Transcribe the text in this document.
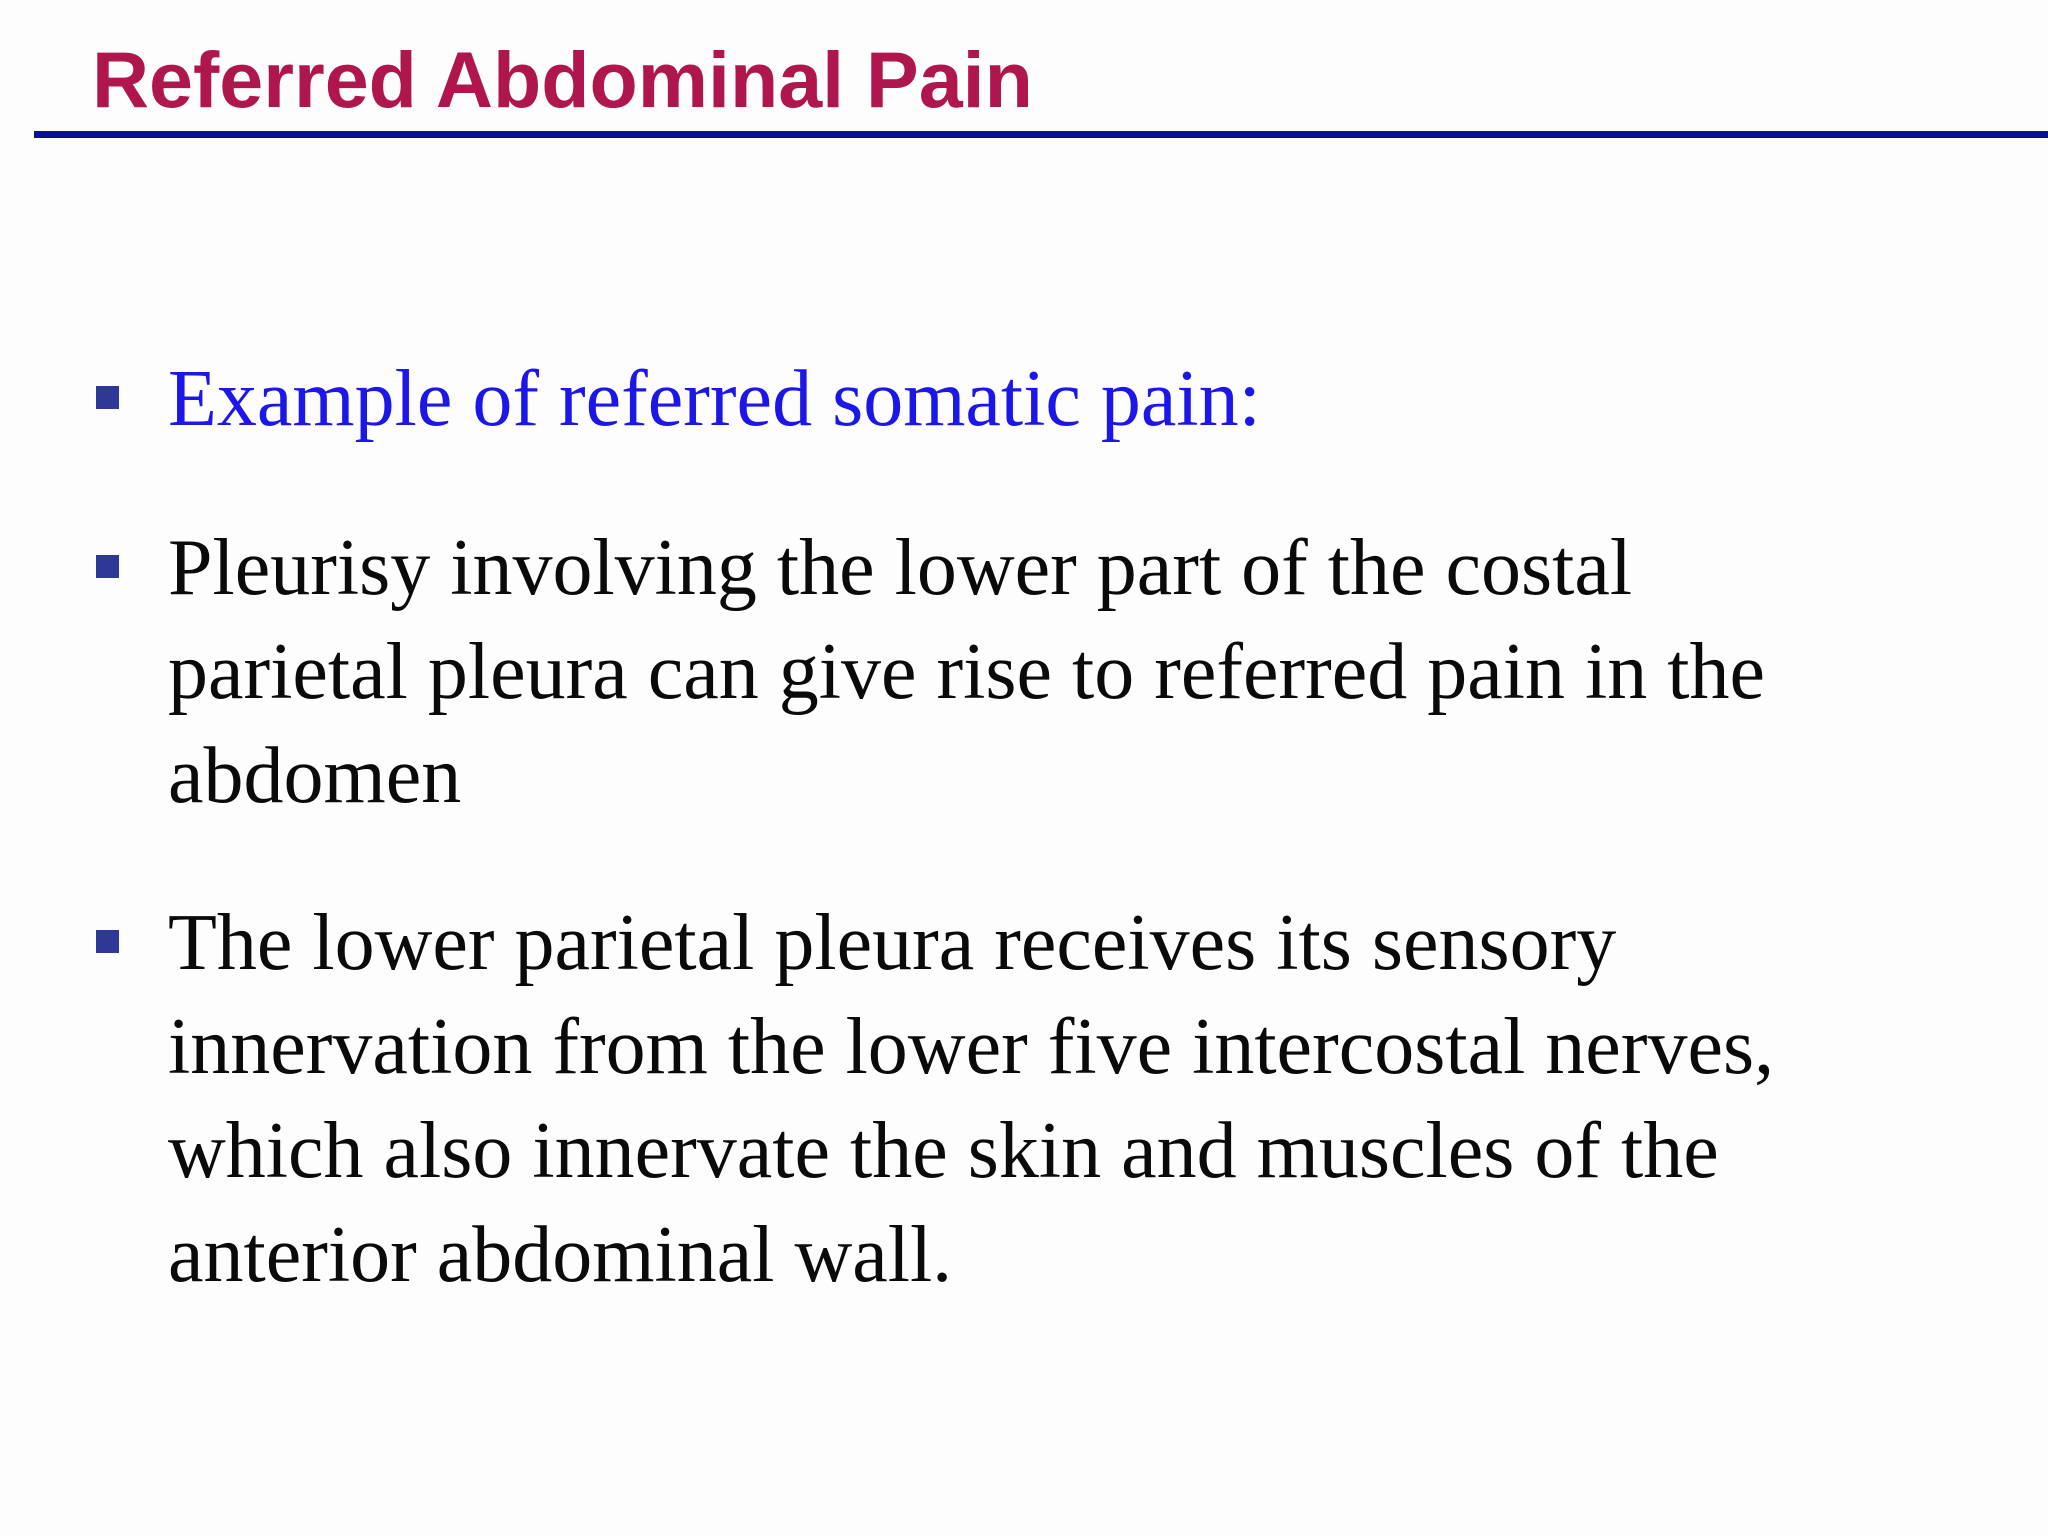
Referred Abdominal Pain
Example of referred somatic pain:
Pleurisy involving the lower part of the costal
parietal pleura can give rise to referred pain in the
abdomen
The lower parietal pleura receives its sensory
innervation from the lower five intercostal nerves,
which also innervate the skin and muscles of the
anterior abdominal wall.
